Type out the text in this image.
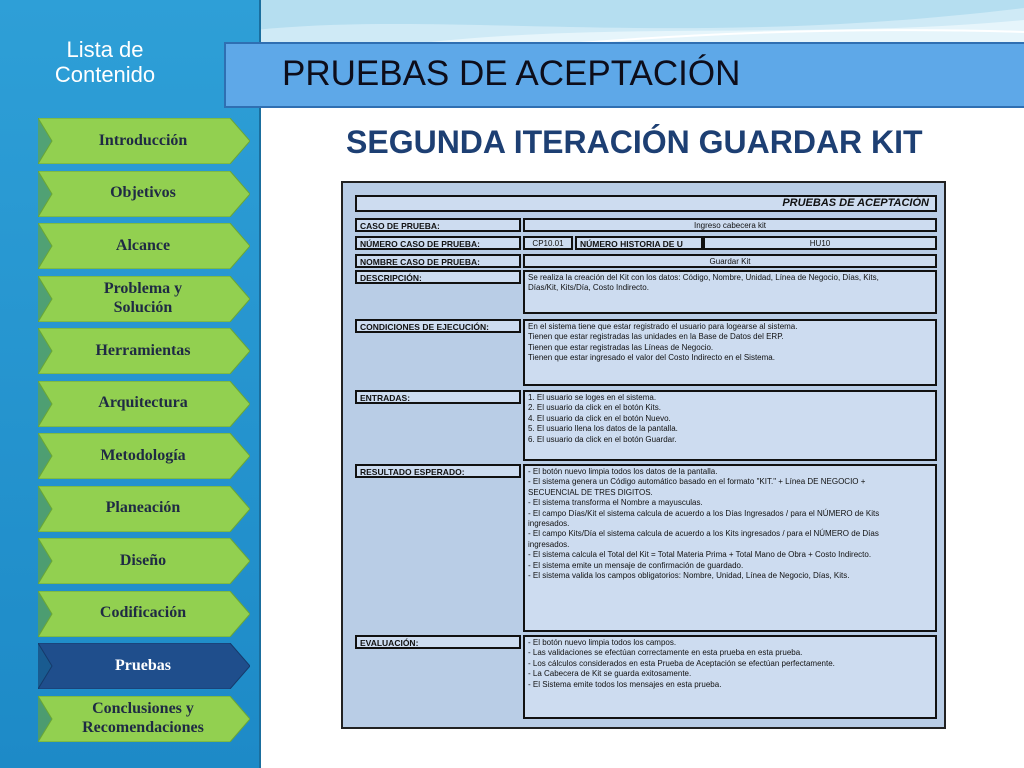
Lista de
Contenido
Introducción
Objetivos
Alcance
Problema y
Solución
Herramientas
Arquitectura
Metodología
Planeación
Diseño
Codificación
Pruebas
Conclusiones y
Recomendaciones
PRUEBAS DE ACEPTACIÓN
SEGUNDA ITERACIÓN GUARDAR KIT
PRUEBAS DE ACEPTACIÓN
CASO DE PRUEBA:	Ingreso cabecera kit
NÚMERO CASO DE PRUEBA:	CP10.01	NÚMERO HISTORIA DE U	HU10
NOMBRE CASO DE PRUEBA:	Guardar Kit
DESCRIPCIÓN:	Se realiza la creación del Kit con los datos: Código, Nombre, Unidad, Línea de Negocio, Días, Kits,
Días/Kit, Kits/Día, Costo Indirecto.
CONDICIONES DE EJECUCIÓN:	En el sistema tiene que estar registrado el usuario para logearse al sistema.
Tienen que estar registradas las unidades en la Base de Datos del ERP.
Tienen que estar registradas las Líneas de Negocio.
Tienen que estar ingresado el valor del Costo Indirecto en el Sistema.
ENTRADAS:	1. El usuario se loges en el sistema.
2. El usuario da click en el botón Kits.
4. El usuario da click en el botón Nuevo.
5. El usuario llena los datos de la pantalla.
6. El usuario da click en el botón Guardar.
RESULTADO ESPERADO:	- El botón nuevo limpia todos los datos de la pantalla.
- El sistema genera un Código automático basado en el formato "KIT." + Línea DE NEGOCIO +
SECUENCIAL DE TRES DIGITOS.
- El sistema transforma el Nombre a mayusculas.
- El campo Días/Kit el sistema calcula de acuerdo a los Días Ingresados / para el NÚMERO de Kits
ingresados.
- El campo Kits/Día el sistema calcula de acuerdo a los Kits ingresados / para el NÚMERO de Días
ingresados.
- El sistema calcula el Total del Kit = Total Materia Prima + Total Mano de Obra + Costo Indirecto.
- El sistema emite un mensaje de confirmación de guardado.
- El sistema valida los campos obligatorios: Nombre, Unidad, Línea de Negocio, Días, Kits.
EVALUACIÓN:	- El botón nuevo limpia todos los campos.
- Las validaciones se efectúan correctamente en esta prueba en esta prueba.
- Los cálculos considerados en esta Prueba de Aceptación se efectúan perfectamente.
- La Cabecera de Kit se guarda exitosamente.
- El Sistema emite todos los mensajes en esta prueba.
